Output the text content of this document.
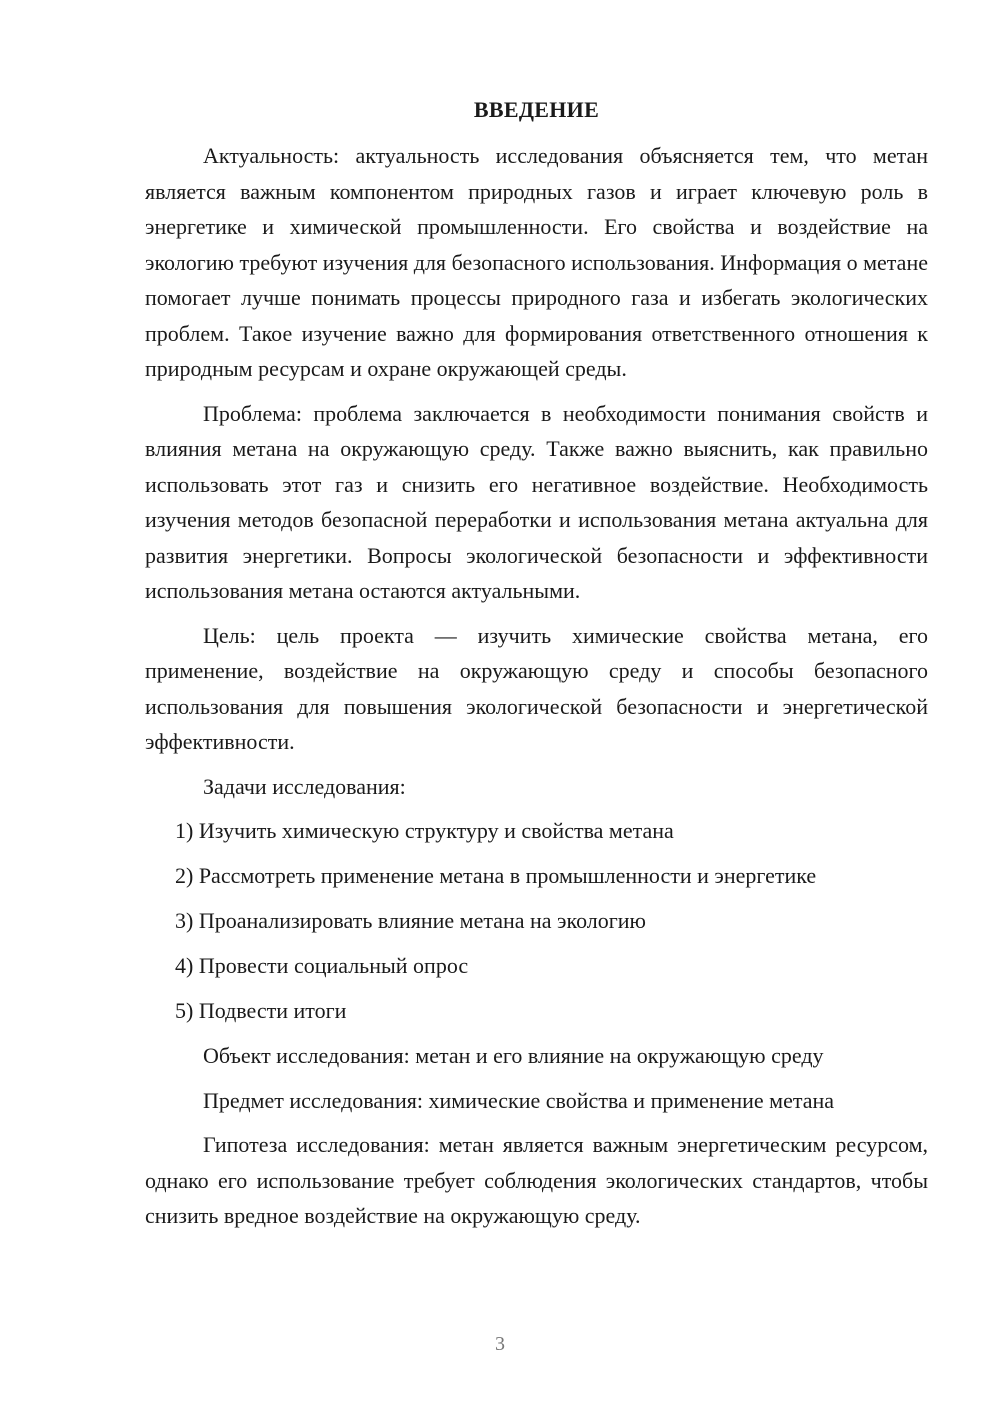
ВВЕДЕНИЕ

Актуальность: актуальность исследования объясняется тем, что метан является важным компонентом природных газов и играет ключевую роль в энергетике и химической промышленности. Его свойства и воздействие на экологию требуют изучения для безопасного использования. Информация о метане помогает лучше понимать процессы природного газа и избегать экологических проблем. Такое изучение важно для формирования ответственного отношения к природным ресурсам и охране окружающей среды.

Проблема: проблема заключается в необходимости понимания свойств и влияния метана на окружающую среду. Также важно выяснить, как правильно использовать этот газ и снизить его негативное воздействие. Необходимость изучения методов безопасной переработки и использования метана актуальна для развития энергетики. Вопросы экологической безопасности и эффективности использования метана остаются актуальными.

Цель: цель проекта — изучить химические свойства метана, его применение, воздействие на окружающую среду и способы безопасного использования для повышения экологической безопасности и энергетической эффективности.

Задачи исследования:
1) Изучить химическую структуру и свойства метана
2) Рассмотреть применение метана в промышленности и энергетике
3) Проанализировать влияние метана на экологию
4) Провести социальный опрос
5) Подвести итоги
Объект исследования: метан и его влияние на окружающую среду
Предмет исследования: химические свойства и применение метана

Гипотеза исследования: метан является важным энергетическим ресурсом, однако его использование требует соблюдения экологических стандартов, чтобы снизить вредное воздействие на окружающую среду.

3
